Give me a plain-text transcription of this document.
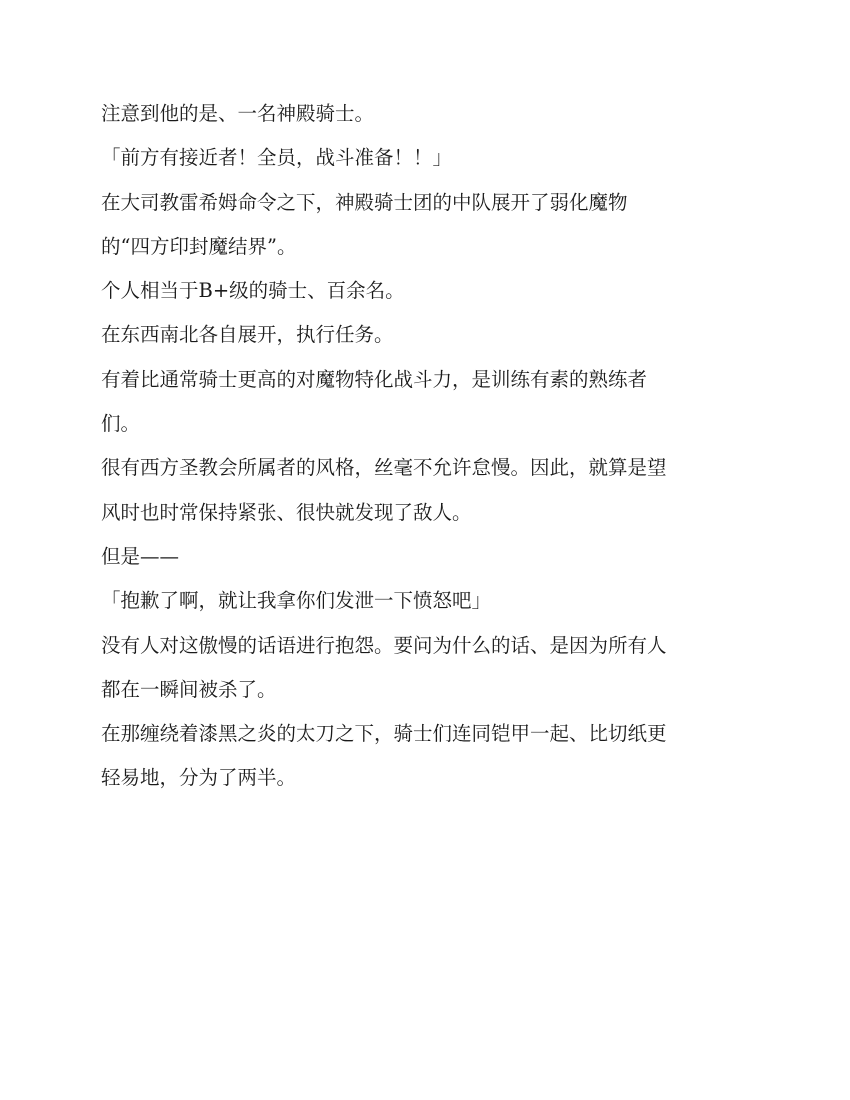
注意到他的是、一名神殿骑士。
「前方有接近者！全员，战斗准备！！」
在大司教雷希姆命令之下，神殿骑士团的中队展开了弱化魔物
的“四方印封魔结界”。
个人相当于B+级的骑士、百余名。
在东西南北各自展开，执行任务。
有着比通常骑士更高的对魔物特化战斗力，是训练有素的熟练者
们。
很有西方圣教会所属者的风格，丝毫不允许怠慢。因此，就算是望
风时也时常保持紧张、很快就发现了敌人。
但是——
「抱歉了啊，就让我拿你们发泄一下愤怒吧」
没有人对这傲慢的话语进行抱怨。要问为什么的话、是因为所有人
都在一瞬间被杀了。
在那缠绕着漆黑之炎的太刀之下，骑士们连同铠甲一起、比切纸更
轻易地，分为了两半。
